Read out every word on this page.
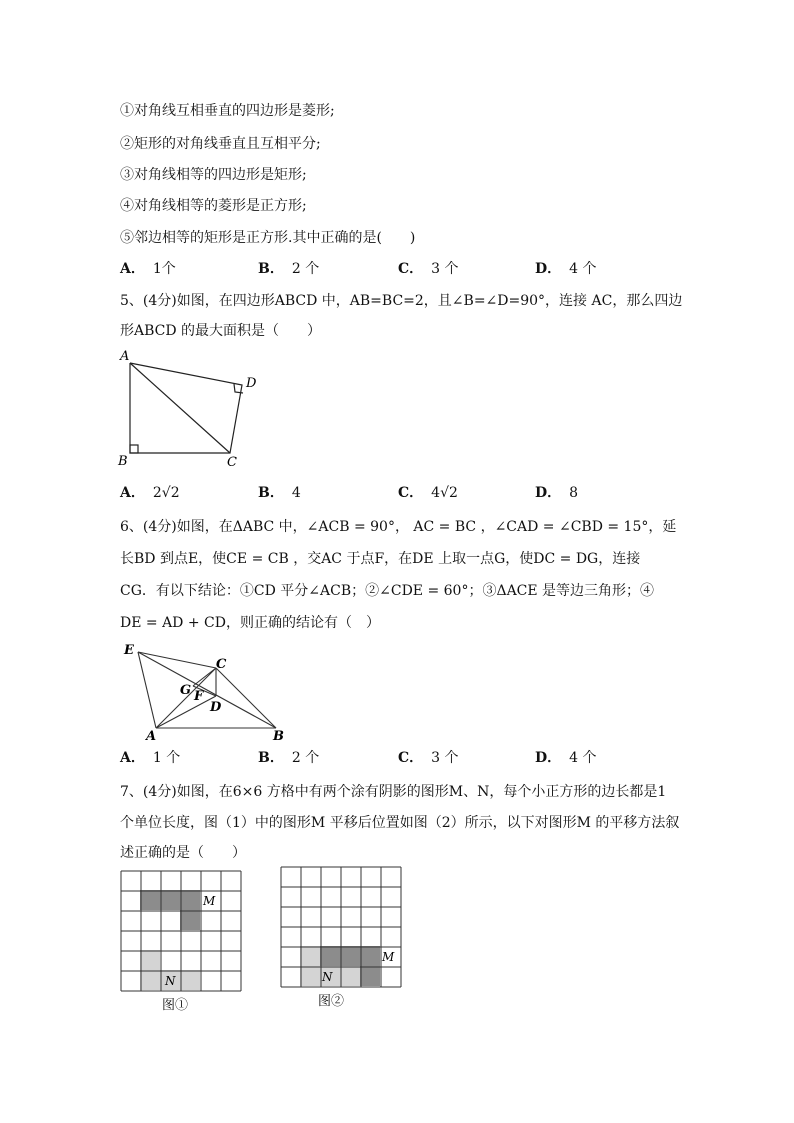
①对角线互相垂直的四边形是菱形;
②矩形的对角线垂直且互相平分;
③对角线相等的四边形是矩形;
④对角线相等的菱形是正方形;
⑤邻边相等的矩形是正方形.其中正确的是(　　)
A． 1个	B． 2 个	C． 3 个	D． 4 个
5、(4分)如图，在四边形ABCD 中，AB=BC=2，且∠B=∠D=90°，连接 AC，那么四边
形ABCD 的最大面积是（　　）
A
B	C
D
A． 2√2	B． 4	C． 4√2	D． 8
6、(4分)如图，在ΔABC 中，∠ACB = 90°， AC = BC ，∠CAD = ∠CBD = 15°，延
长BD 到点E，使CE = CB ，交AC 于点F，在DE 上取一点G，使DC = DG，连接
CG．有以下结论：①CD 平分∠ACB；②∠CDE = 60°；③ΔACE 是等边三角形；④
DE = AD + CD，则正确的结论有（　）
E
C
G F
D
A	B
A． 1 个	B． 2 个	C． 3 个	D． 4 个
7、(4分)如图，在6×6 方格中有两个涂有阴影的图形M、N，每个小正方形的边长都是1
个单位长度，图（1）中的图形M 平移后位置如图（2）所示，以下对图形M 的平移方法叙
述正确的是（　　）
M
N
图①
M
N
图②
